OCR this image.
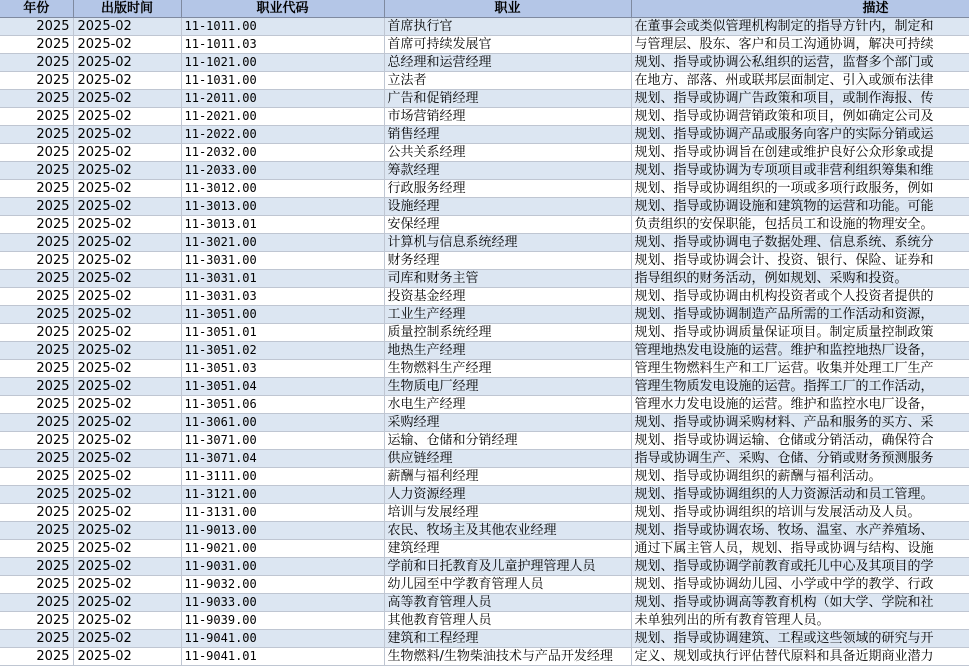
年份	出版时间	职业代码	职业	描述
2025	2025-02	11-1011.00	首席执行官	在董事会或类似管理机构制定的指导方针内，制定和
2025	2025-02	11-1011.03	首席可持续发展官	与管理层、股东、客户和员工沟通协调，解决可持续
2025	2025-02	11-1021.00	总经理和运营经理	规划、指导或协调公私组织的运营，监督多个部门或
2025	2025-02	11-1031.00	立法者	在地方、部落、州或联邦层面制定、引入或颁布法律
2025	2025-02	11-2011.00	广告和促销经理	规划、指导或协调广告政策和项目，或制作海报、传
2025	2025-02	11-2021.00	市场营销经理	规划、指导或协调营销政策和项目，例如确定公司及
2025	2025-02	11-2022.00	销售经理	规划、指导或协调产品或服务向客户的实际分销或运
2025	2025-02	11-2032.00	公共关系经理	规划、指导或协调旨在创建或维护良好公众形象或提
2025	2025-02	11-2033.00	筹款经理	规划、指导或协调为专项项目或非营利组织筹集和维
2025	2025-02	11-3012.00	行政服务经理	规划、指导或协调组织的一项或多项行政服务，例如
2025	2025-02	11-3013.00	设施经理	规划、指导或协调设施和建筑物的运营和功能。可能
2025	2025-02	11-3013.01	安保经理	负责组织的安保职能，包括员工和设施的物理安全。
2025	2025-02	11-3021.00	计算机与信息系统经理	规划、指导或协调电子数据处理、信息系统、系统分
2025	2025-02	11-3031.00	财务经理	规划、指导或协调会计、投资、银行、保险、证券和
2025	2025-02	11-3031.01	司库和财务主管	指导组织的财务活动，例如规划、采购和投资。
2025	2025-02	11-3031.03	投资基金经理	规划、指导或协调由机构投资者或个人投资者提供的
2025	2025-02	11-3051.00	工业生产经理	规划、指导或协调制造产品所需的工作活动和资源，
2025	2025-02	11-3051.01	质量控制系统经理	规划、指导或协调质量保证项目。制定质量控制政策
2025	2025-02	11-3051.02	地热生产经理	管理地热发电设施的运营。维护和监控地热厂设备，
2025	2025-02	11-3051.03	生物燃料生产经理	管理生物燃料生产和工厂运营。收集并处理工厂生产
2025	2025-02	11-3051.04	生物质电厂经理	管理生物质发电设施的运营。指挥工厂的工作活动，
2025	2025-02	11-3051.06	水电生产经理	管理水力发电设施的运营。维护和监控水电厂设备，
2025	2025-02	11-3061.00	采购经理	规划、指导或协调采购材料、产品和服务的买方、采
2025	2025-02	11-3071.00	运输、仓储和分销经理	规划、指导或协调运输、仓储或分销活动，确保符合
2025	2025-02	11-3071.04	供应链经理	指导或协调生产、采购、仓储、分销或财务预测服务
2025	2025-02	11-3111.00	薪酬与福利经理	规划、指导或协调组织的薪酬与福利活动。
2025	2025-02	11-3121.00	人力资源经理	规划、指导或协调组织的人力资源活动和员工管理。
2025	2025-02	11-3131.00	培训与发展经理	规划、指导或协调组织的培训与发展活动及人员。
2025	2025-02	11-9013.00	农民、牧场主及其他农业经理	规划、指导或协调农场、牧场、温室、水产养殖场、
2025	2025-02	11-9021.00	建筑经理	通过下属主管人员，规划、指导或协调与结构、设施
2025	2025-02	11-9031.00	学前和日托教育及儿童护理管理人员	规划、指导或协调学前教育或托儿中心及其项目的学
2025	2025-02	11-9032.00	幼儿园至中学教育管理人员	规划、指导或协调幼儿园、小学或中学的教学、行政
2025	2025-02	11-9033.00	高等教育管理人员	规划、指导或协调高等教育机构（如大学、学院和社
2025	2025-02	11-9039.00	其他教育管理人员	未单独列出的所有教育管理人员。
2025	2025-02	11-9041.00	建筑和工程经理	规划、指导或协调建筑、工程或这些领域的研究与开
2025	2025-02	11-9041.01	生物燃料/生物柴油技术与产品开发经理	定义、规划或执行评估替代原料和具备近期商业潜力
